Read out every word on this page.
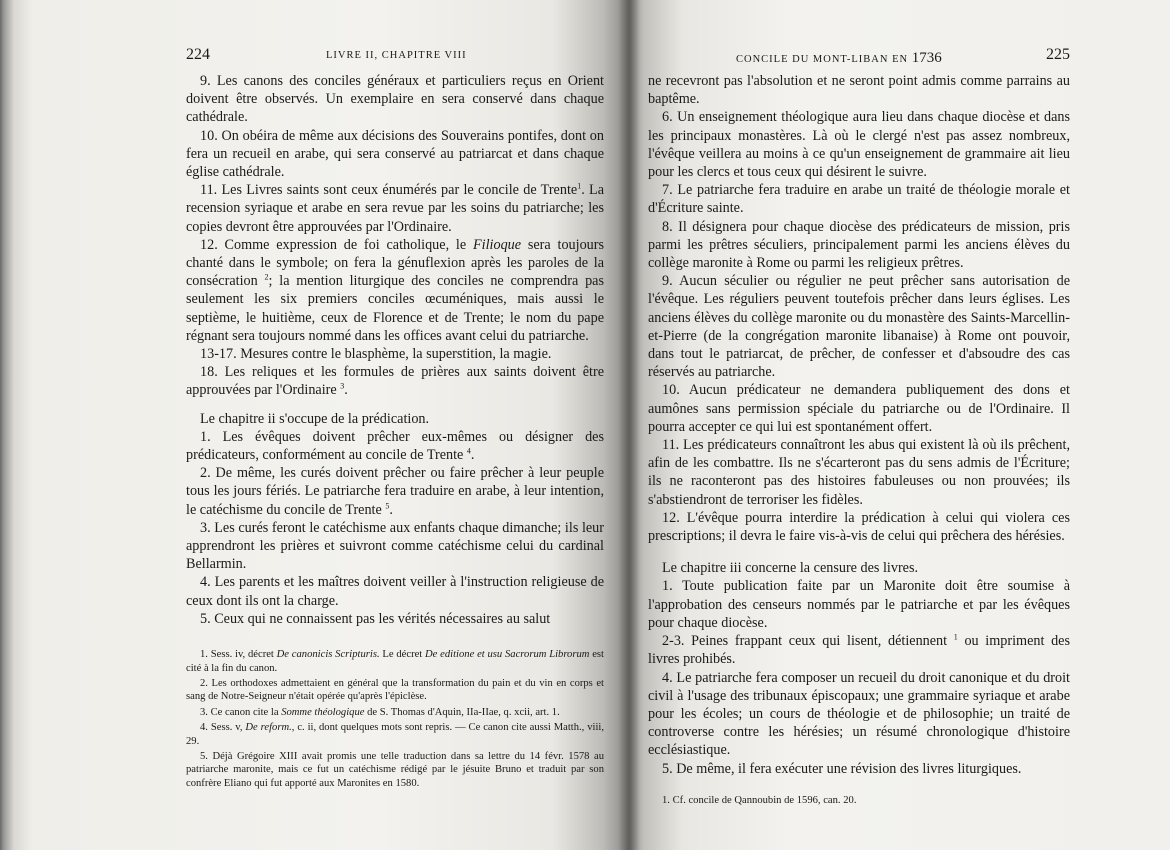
224	LIVRE II, CHAPITRE VIII

9. Les canons des conciles généraux et particuliers reçus en Orient doivent être observés. Un exemplaire en sera conservé dans chaque cathédrale.

10. On obéira de même aux décisions des Souverains pontifes, dont on fera un recueil en arabe, qui sera conservé au patriarcat et dans chaque église cathédrale.

11. Les Livres saints sont ceux énumérés par le concile de Trente$^1$. La recension syriaque et arabe en sera revue par les soins du patriarche; les copies devront être approuvées par l'Ordinaire.

12. Comme expression de foi catholique, le Filioque sera toujours chanté dans le symbole; on fera la génuflexion après les paroles de la consécration $^2$; la mention liturgique des conciles ne comprendra pas seulement les six premiers conciles œcuméniques, mais aussi le septième, le huitième, ceux de Florence et de Trente; le nom du pape régnant sera toujours nommé dans les offices avant celui du patriarche.

13-17. Mesures contre le blasphème, la superstition, la magie.

18. Les reliques et les formules de prières aux saints doivent être approuvées par l'Ordinaire $^3$.

Le chapitre ii s'occupe de la prédication.

1. Les évêques doivent prêcher eux-mêmes ou désigner des prédicateurs, conformément au concile de Trente $^4$.

2. De même, les curés doivent prêcher ou faire prêcher à leur peuple tous les jours fériés. Le patriarche fera traduire en arabe, à leur intention, le catéchisme du concile de Trente $^5$.

3. Les curés feront le catéchisme aux enfants chaque dimanche; ils leur apprendront les prières et suivront comme catéchisme celui du cardinal Bellarmin.

4. Les parents et les maîtres doivent veiller à l'instruction religieuse de ceux dont ils ont la charge.

5. Ceux qui ne connaissent pas les vérités nécessaires au salut

1. Sess. iv, décret De canonicis Scripturis. Le décret De editione et usu Sacrorum Librorum est cité à la fin du canon.

2. Les orthodoxes admettaient en général que la transformation du pain et du vin en corps et sang de Notre-Seigneur n'était opérée qu'après l'épiclèse.

3. Ce canon cite la Somme théologique de S. Thomas d'Aquin, IIa-IIae, q. xcii, art. 1.

4. Sess. v, De reform., c. ii, dont quelques mots sont repris. — Ce canon cite aussi Matth., viii, 29.

5. Déjà Grégoire XIII avait promis une telle traduction dans sa lettre du 14 févr. 1578 au patriarche maronite, mais ce fut un catéchisme rédigé par le jésuite Bruno et traduit par son confrère Eliano qui fut apporté aux Maronites en 1580.

CONCILE DU MONT-LIBAN EN 1736	225

ne recevront pas l'absolution et ne seront point admis comme parrains au baptême.

6. Un enseignement théologique aura lieu dans chaque diocèse et dans les principaux monastères. Là où le clergé n'est pas assez nombreux, l'évêque veillera au moins à ce qu'un enseignement de grammaire ait lieu pour les clercs et tous ceux qui désirent le suivre.

7. Le patriarche fera traduire en arabe un traité de théologie morale et d'Écriture sainte.

8. Il désignera pour chaque diocèse des prédicateurs de mission, pris parmi les prêtres séculiers, principalement parmi les anciens élèves du collège maronite à Rome ou parmi les religieux prêtres.

9. Aucun séculier ou régulier ne peut prêcher sans autorisation de l'évêque. Les réguliers peuvent toutefois prêcher dans leurs églises. Les anciens élèves du collège maronite ou du monastère des Saints-Marcellin-et-Pierre (de la congrégation maronite libanaise) à Rome ont pouvoir, dans tout le patriarcat, de prêcher, de confesser et d'absoudre des cas réservés au patriarche.

10. Aucun prédicateur ne demandera publiquement des dons et aumônes sans permission spéciale du patriarche ou de l'Ordinaire. Il pourra accepter ce qui lui est spontanément offert.

11. Les prédicateurs connaîtront les abus qui existent là où ils prêchent, afin de les combattre. Ils ne s'écarteront pas du sens admis de l'Écriture; ils ne raconteront pas des histoires fabuleuses ou non prouvées; ils s'abstiendront de terroriser les fidèles.

12. L'évêque pourra interdire la prédication à celui qui violera ces prescriptions; il devra le faire vis-à-vis de celui qui prêchera des hérésies.

Le chapitre iii concerne la censure des livres.

1. Toute publication faite par un Maronite doit être soumise à l'approbation des censeurs nommés par le patriarche et par les évêques pour chaque diocèse.

2-3. Peines frappant ceux qui lisent, détiennent $^1$ ou impriment des livres prohibés.

4. Le patriarche fera composer un recueil du droit canonique et du droit civil à l'usage des tribunaux épiscopaux; une grammaire syriaque et arabe pour les écoles; un cours de théologie et de philosophie; un traité de controverse contre les hérésies; un résumé chronologique d'histoire ecclésiastique.

5. De même, il fera exécuter une révision des livres liturgiques.

1. Cf. concile de Qannoubin de 1596, can. 20.
